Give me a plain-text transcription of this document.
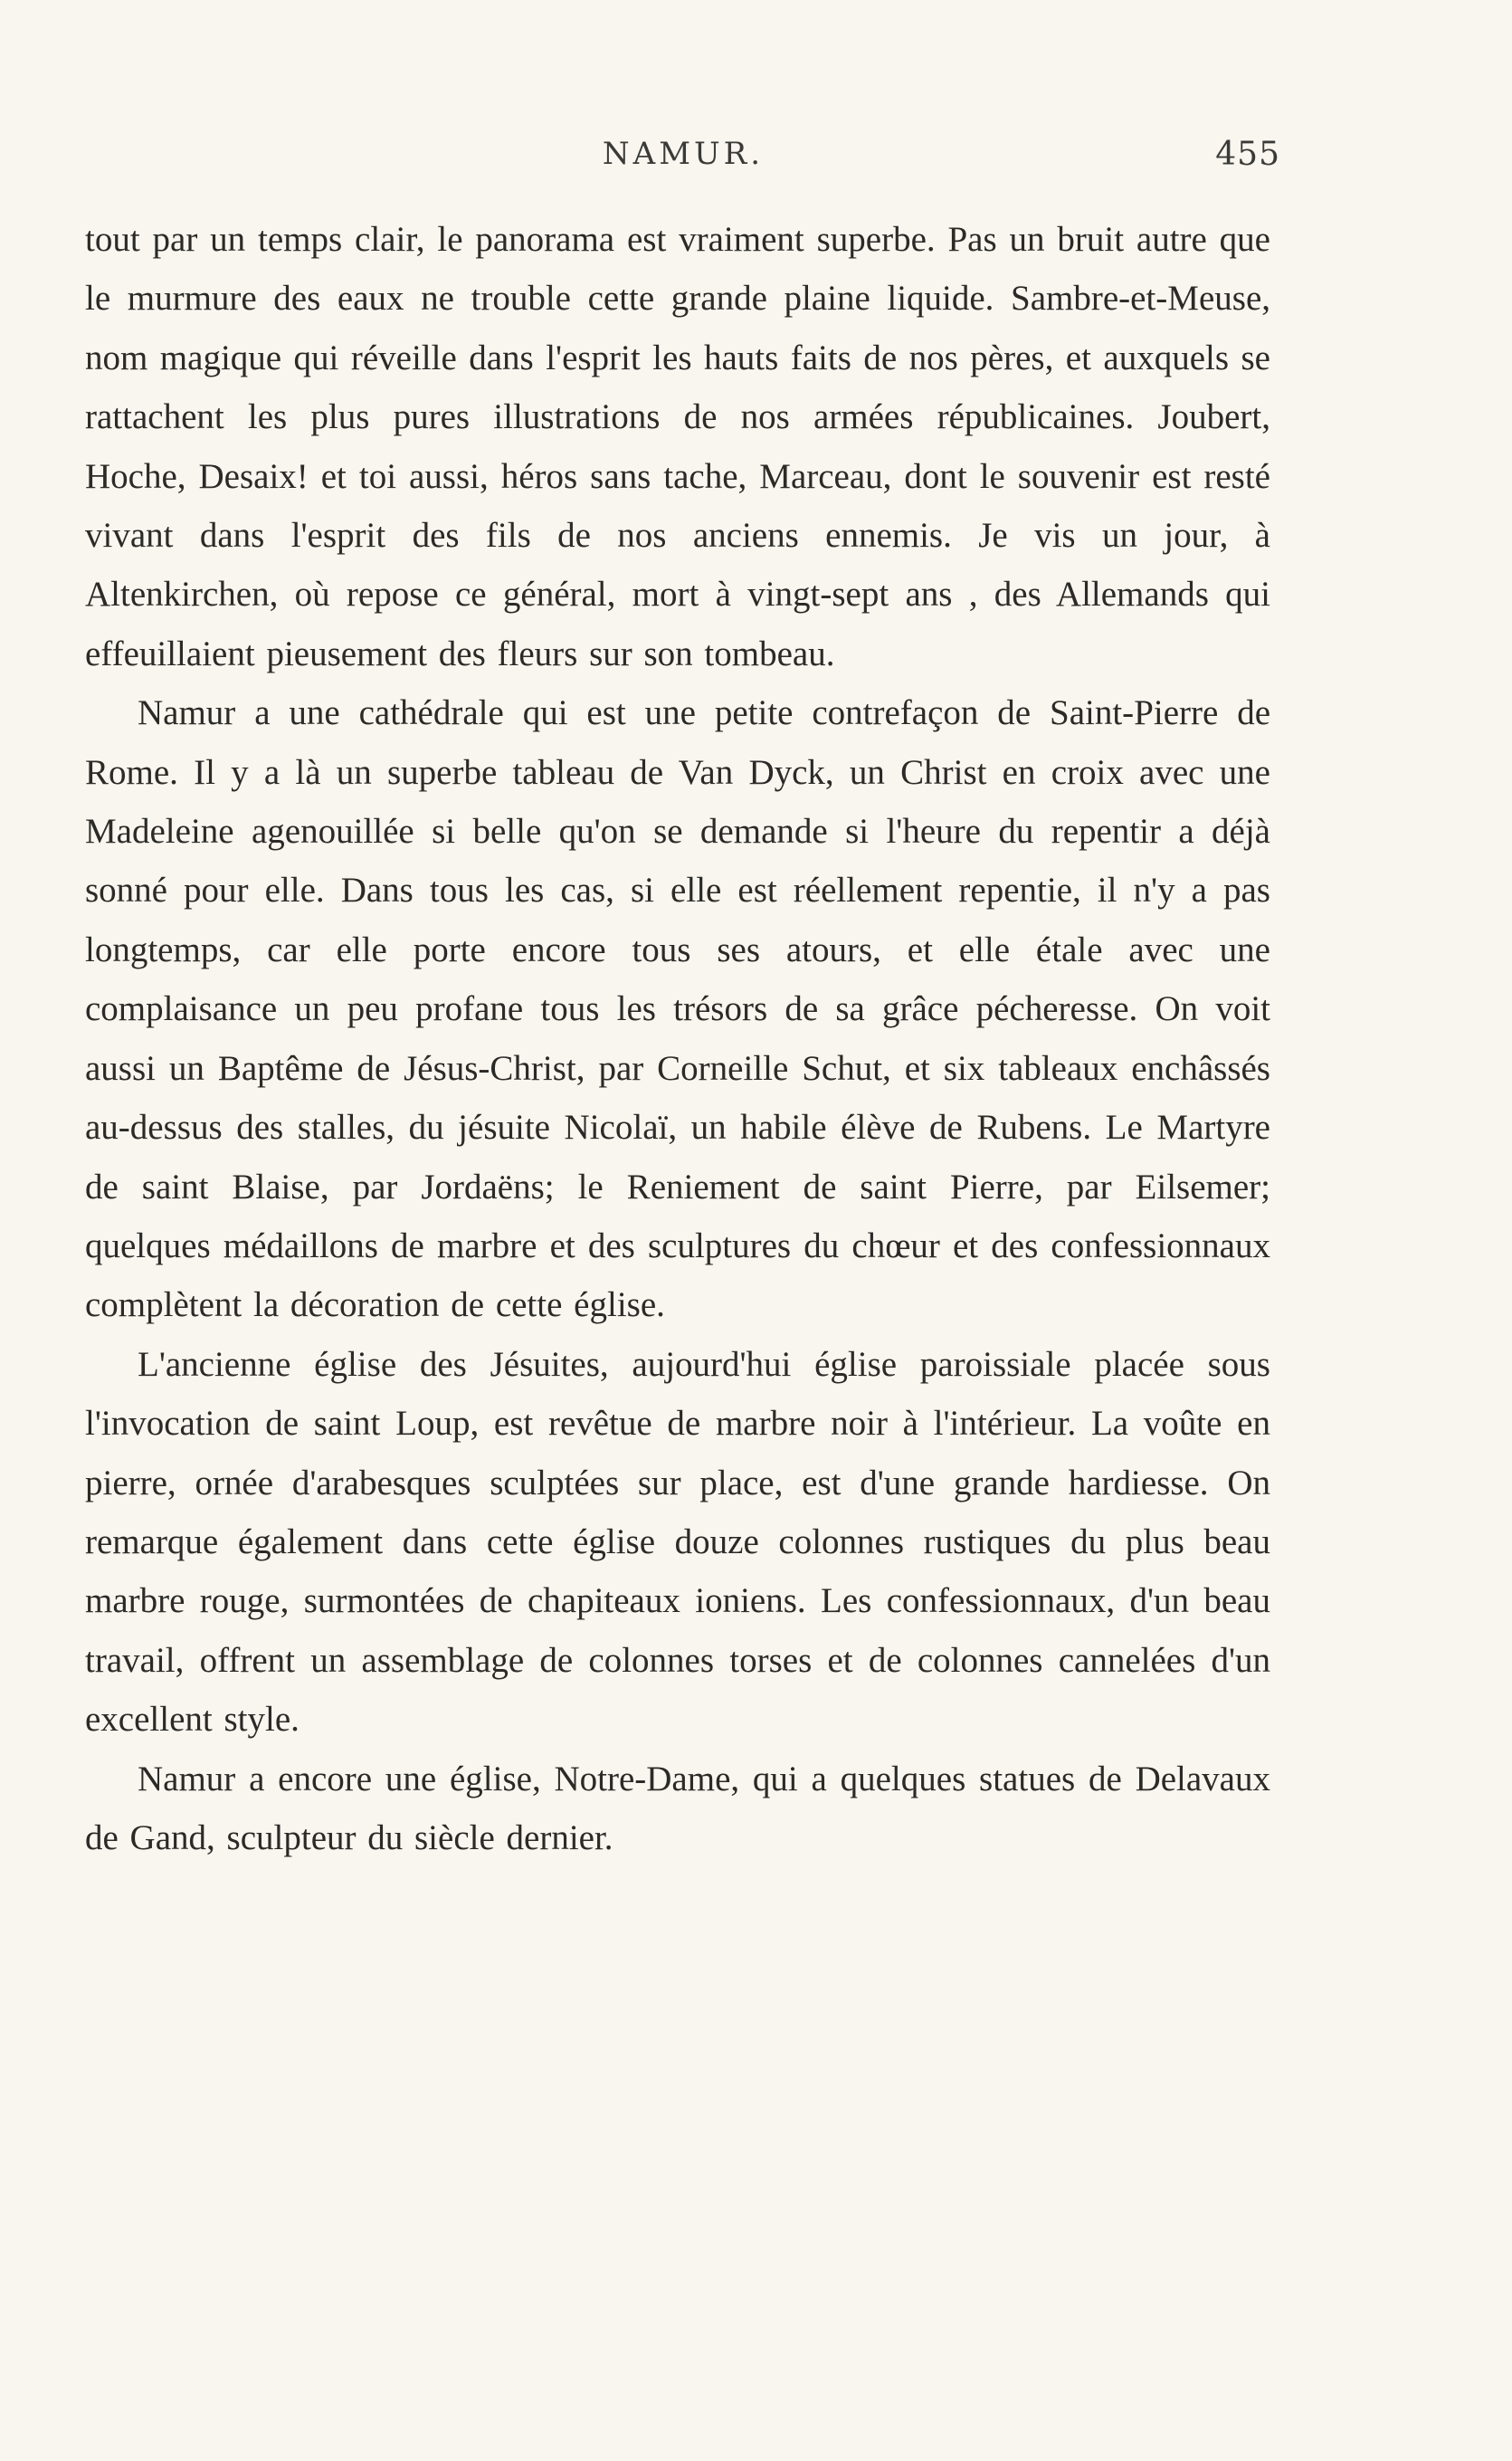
NAMUR.	455

tout par un temps clair, le panorama est vraiment superbe. Pas un bruit autre que le murmure des eaux ne trouble cette grande plaine liquide. Sambre-et-Meuse, nom magique qui réveille dans l'esprit les hauts faits de nos pères, et auxquels se rattachent les plus pures illustrations de nos armées républicaines. Joubert, Hoche, Desaix! et toi aussi, héros sans tache, Marceau, dont le souvenir est resté vivant dans l'esprit des fils de nos anciens ennemis. Je vis un jour, à Altenkirchen, où repose ce général, mort à vingt-sept ans , des Allemands qui effeuillaient pieusement des fleurs sur son tombeau.

Namur a une cathédrale qui est une petite contrefaçon de Saint-Pierre de Rome. Il y a là un superbe tableau de Van Dyck, un Christ en croix avec une Madeleine agenouillée si belle qu'on se demande si l'heure du repentir a déjà sonné pour elle. Dans tous les cas, si elle est réellement repentie, il n'y a pas longtemps, car elle porte encore tous ses atours, et elle étale avec une complaisance un peu profane tous les trésors de sa grâce pécheresse. On voit aussi un Baptême de Jésus-Christ, par Corneille Schut, et six tableaux enchâssés au-dessus des stalles, du jésuite Nicolaï, un habile élève de Rubens. Le Martyre de saint Blaise, par Jordaëns; le Reniement de saint Pierre, par Eilsemer; quelques médaillons de marbre et des sculptures du chœur et des confessionnaux complètent la décoration de cette église.

L'ancienne église des Jésuites, aujourd'hui église paroissiale placée sous l'invocation de saint Loup, est revêtue de marbre noir à l'intérieur. La voûte en pierre, ornée d'arabesques sculptées sur place, est d'une grande hardiesse. On remarque également dans cette église douze colonnes rustiques du plus beau marbre rouge, surmontées de chapiteaux ioniens. Les confessionnaux, d'un beau travail, offrent un assemblage de colonnes torses et de colonnes cannelées d'un excellent style.

Namur a encore une église, Notre-Dame, qui a quelques statues de Delavaux de Gand, sculpteur du siècle dernier.
